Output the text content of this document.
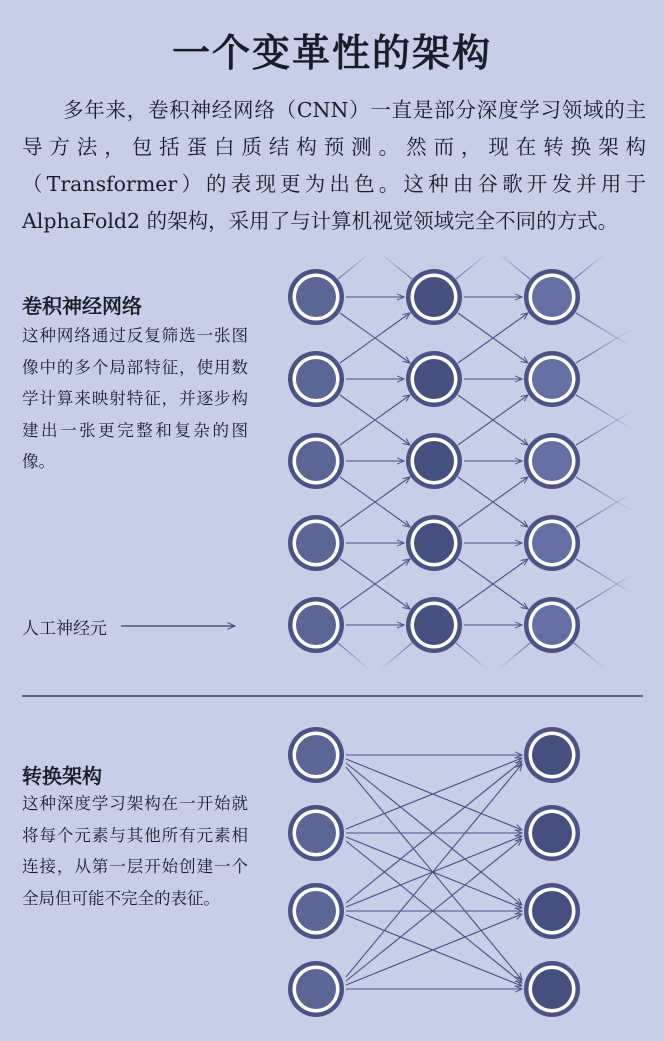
一个变革性的架构
多年来，卷积神经网络（CNN）一直是部分深度学习领域的主导方法，包括蛋白质结构预测。然而，现在转换架构（Transformer）的表现更为出色。这种由谷歌开发并用于 AlphaFold2 的架构，采用了与计算机视觉领域完全不同的方式。
卷积神经网络
这种网络通过反复筛选一张图像中的多个局部特征，使用数学计算来映射特征，并逐步构建出一张更完整和复杂的图像。
人工神经元
转换架构
这种深度学习架构在一开始就将每个元素与其他所有元素相连接，从第一层开始创建一个全局但可能不完全的表征。
